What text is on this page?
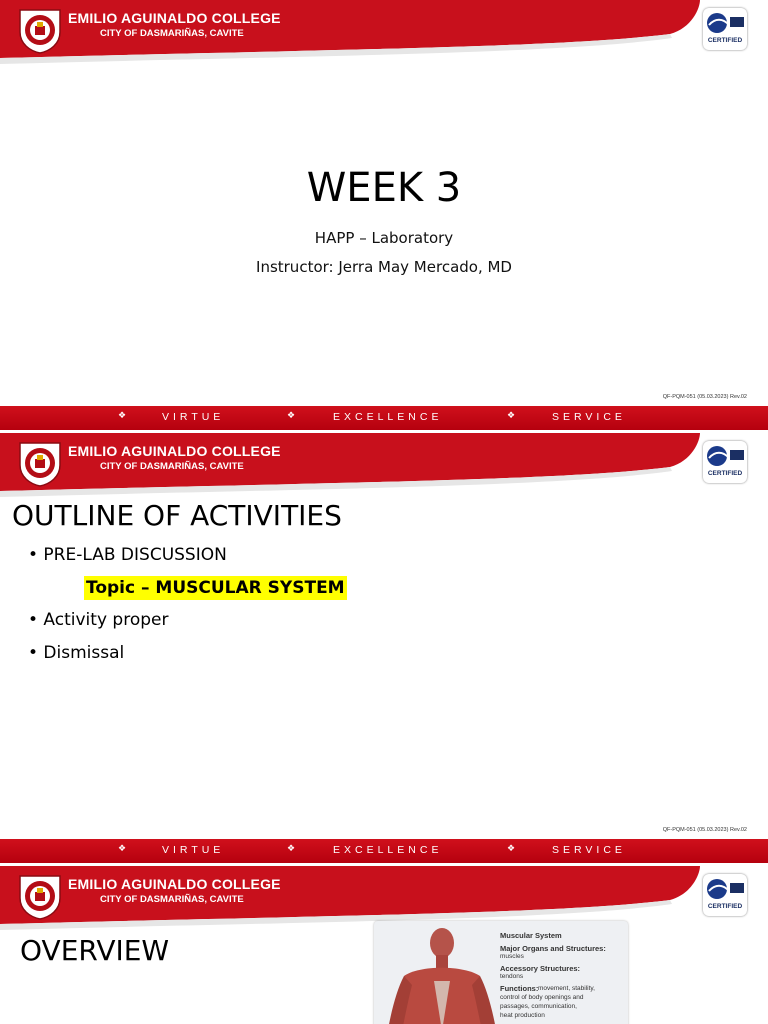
EMILIO AGUINALDO COLLEGE
CITY OF DASMARIÑAS, CAVITE
CERTIFIED
WEEK 3
HAPP – Laboratory
Instructor: Jerra May Mercado, MD
QF-PQM-051 (05.03.2023) Rev.02
❖	VIRTUE	❖	EXCELLENCE	❖	SERVICE
EMILIO AGUINALDO COLLEGE
CITY OF DASMARIÑAS, CAVITE
CERTIFIED
OUTLINE OF ACTIVITIES
• PRE-LAB DISCUSSION
Topic – MUSCULAR SYSTEM
• Activity proper
• Dismissal
QF-PQM-051 (05.03.2023) Rev.02
❖	VIRTUE	❖	EXCELLENCE	❖	SERVICE
EMILIO AGUINALDO COLLEGE
CITY OF DASMARIÑAS, CAVITE
CERTIFIED
OVERVIEW	Muscular System
Major Organs and Structures:
muscles
Accessory Structures:
tendons
Functions: movement, stability,
control of body openings and
passages, communication,
heat production
